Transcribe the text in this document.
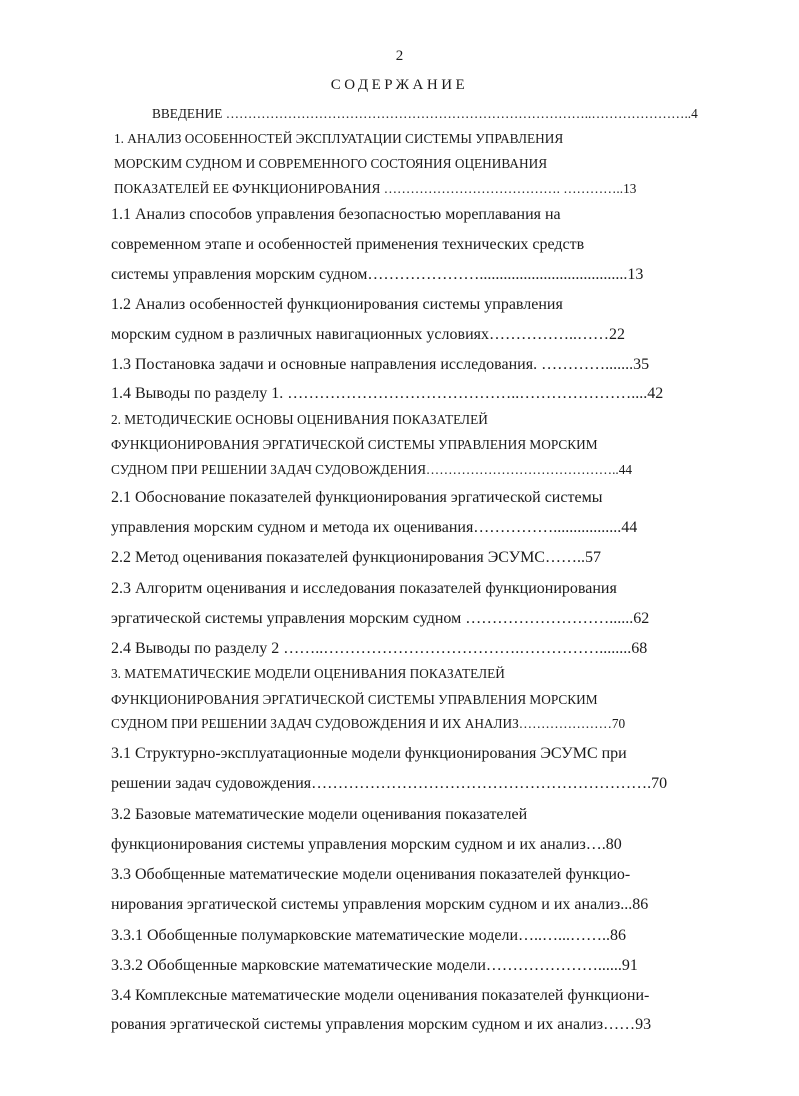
2
СОДЕРЖАНИЕ
ВВЕДЕНИЕ ………………………………………………………………………..…………………..4
1. АНАЛИЗ ОСОБЕННОСТЕЙ ЭКСПЛУАТАЦИИ СИСТЕМЫ УПРАВЛЕНИЯ
МОРСКИМ СУДНОМ И СОВРЕМЕННОГО СОСТОЯНИЯ ОЦЕНИВАНИЯ
ПОКАЗАТЕЛЕЙ ЕЕ ФУНКЦИОНИРОВАНИЯ …………………………………. …………..13
1.1 Анализ способов управления безопасностью мореплавания на
современном этапе и особенностей применения технических средств
системы управления морским судном………………….....................................13
1.2 Анализ особенностей функционирования системы управления
морским судном в различных навигационных условиях……………..……22
1.3 Постановка задачи и основные направления исследования. ………….......35
1.4 Выводы по разделу 1. ……………………………………..…………………....42
2. МЕТОДИЧЕСКИЕ ОСНОВЫ ОЦЕНИВАНИЯ ПОКАЗАТЕЛЕЙ
ФУНКЦИОНИРОВАНИЯ ЭРГАТИЧЕСКОЙ СИСТЕМЫ УПРАВЛЕНИЯ МОРСКИМ
СУДНОМ ПРИ РЕШЕНИИ ЗАДАЧ СУДОВОЖДЕНИЯ……………………………………..44
2.1 Обоснование показателей функционирования эргатической системы
управления морским судном и метода их оценивания…………….................44
2.2 Метод оценивания показателей функционирования ЭСУМС……..57
2.3 Алгоритм оценивания и исследования показателей функционирования
эргатической системы управления морским судном ………………………......62
2.4 Выводы по разделу 2 ……..……………………………….……………........68
3. МАТЕМАТИЧЕСКИЕ МОДЕЛИ ОЦЕНИВАНИЯ ПОКАЗАТЕЛЕЙ
ФУНКЦИОНИРОВАНИЯ ЭРГАТИЧЕСКОЙ СИСТЕМЫ УПРАВЛЕНИЯ МОРСКИМ
СУДНОМ ПРИ РЕШЕНИИ ЗАДАЧ СУДОВОЖДЕНИЯ И ИХ АНАЛИЗ…………………70
3.1 Структурно-эксплуатационные модели функционирования ЭСУМС при
решении задач судовождения……………………………………………………….70
3.2 Базовые математические модели оценивания показателей
функционирования системы управления морским судном и их анализ….80
3.3 Обобщенные математические модели оценивания показателей функцио-
нирования эргатической системы управления морским судном и их анализ...86
3.3.1 Обобщенные полумарковские математические модели…..…...……..86
3.3.2 Обобщенные марковские математические модели…………………......91
3.4 Комплексные математические модели оценивания показателей функциони-
рования эргатической системы управления морским судном и их анализ……93
